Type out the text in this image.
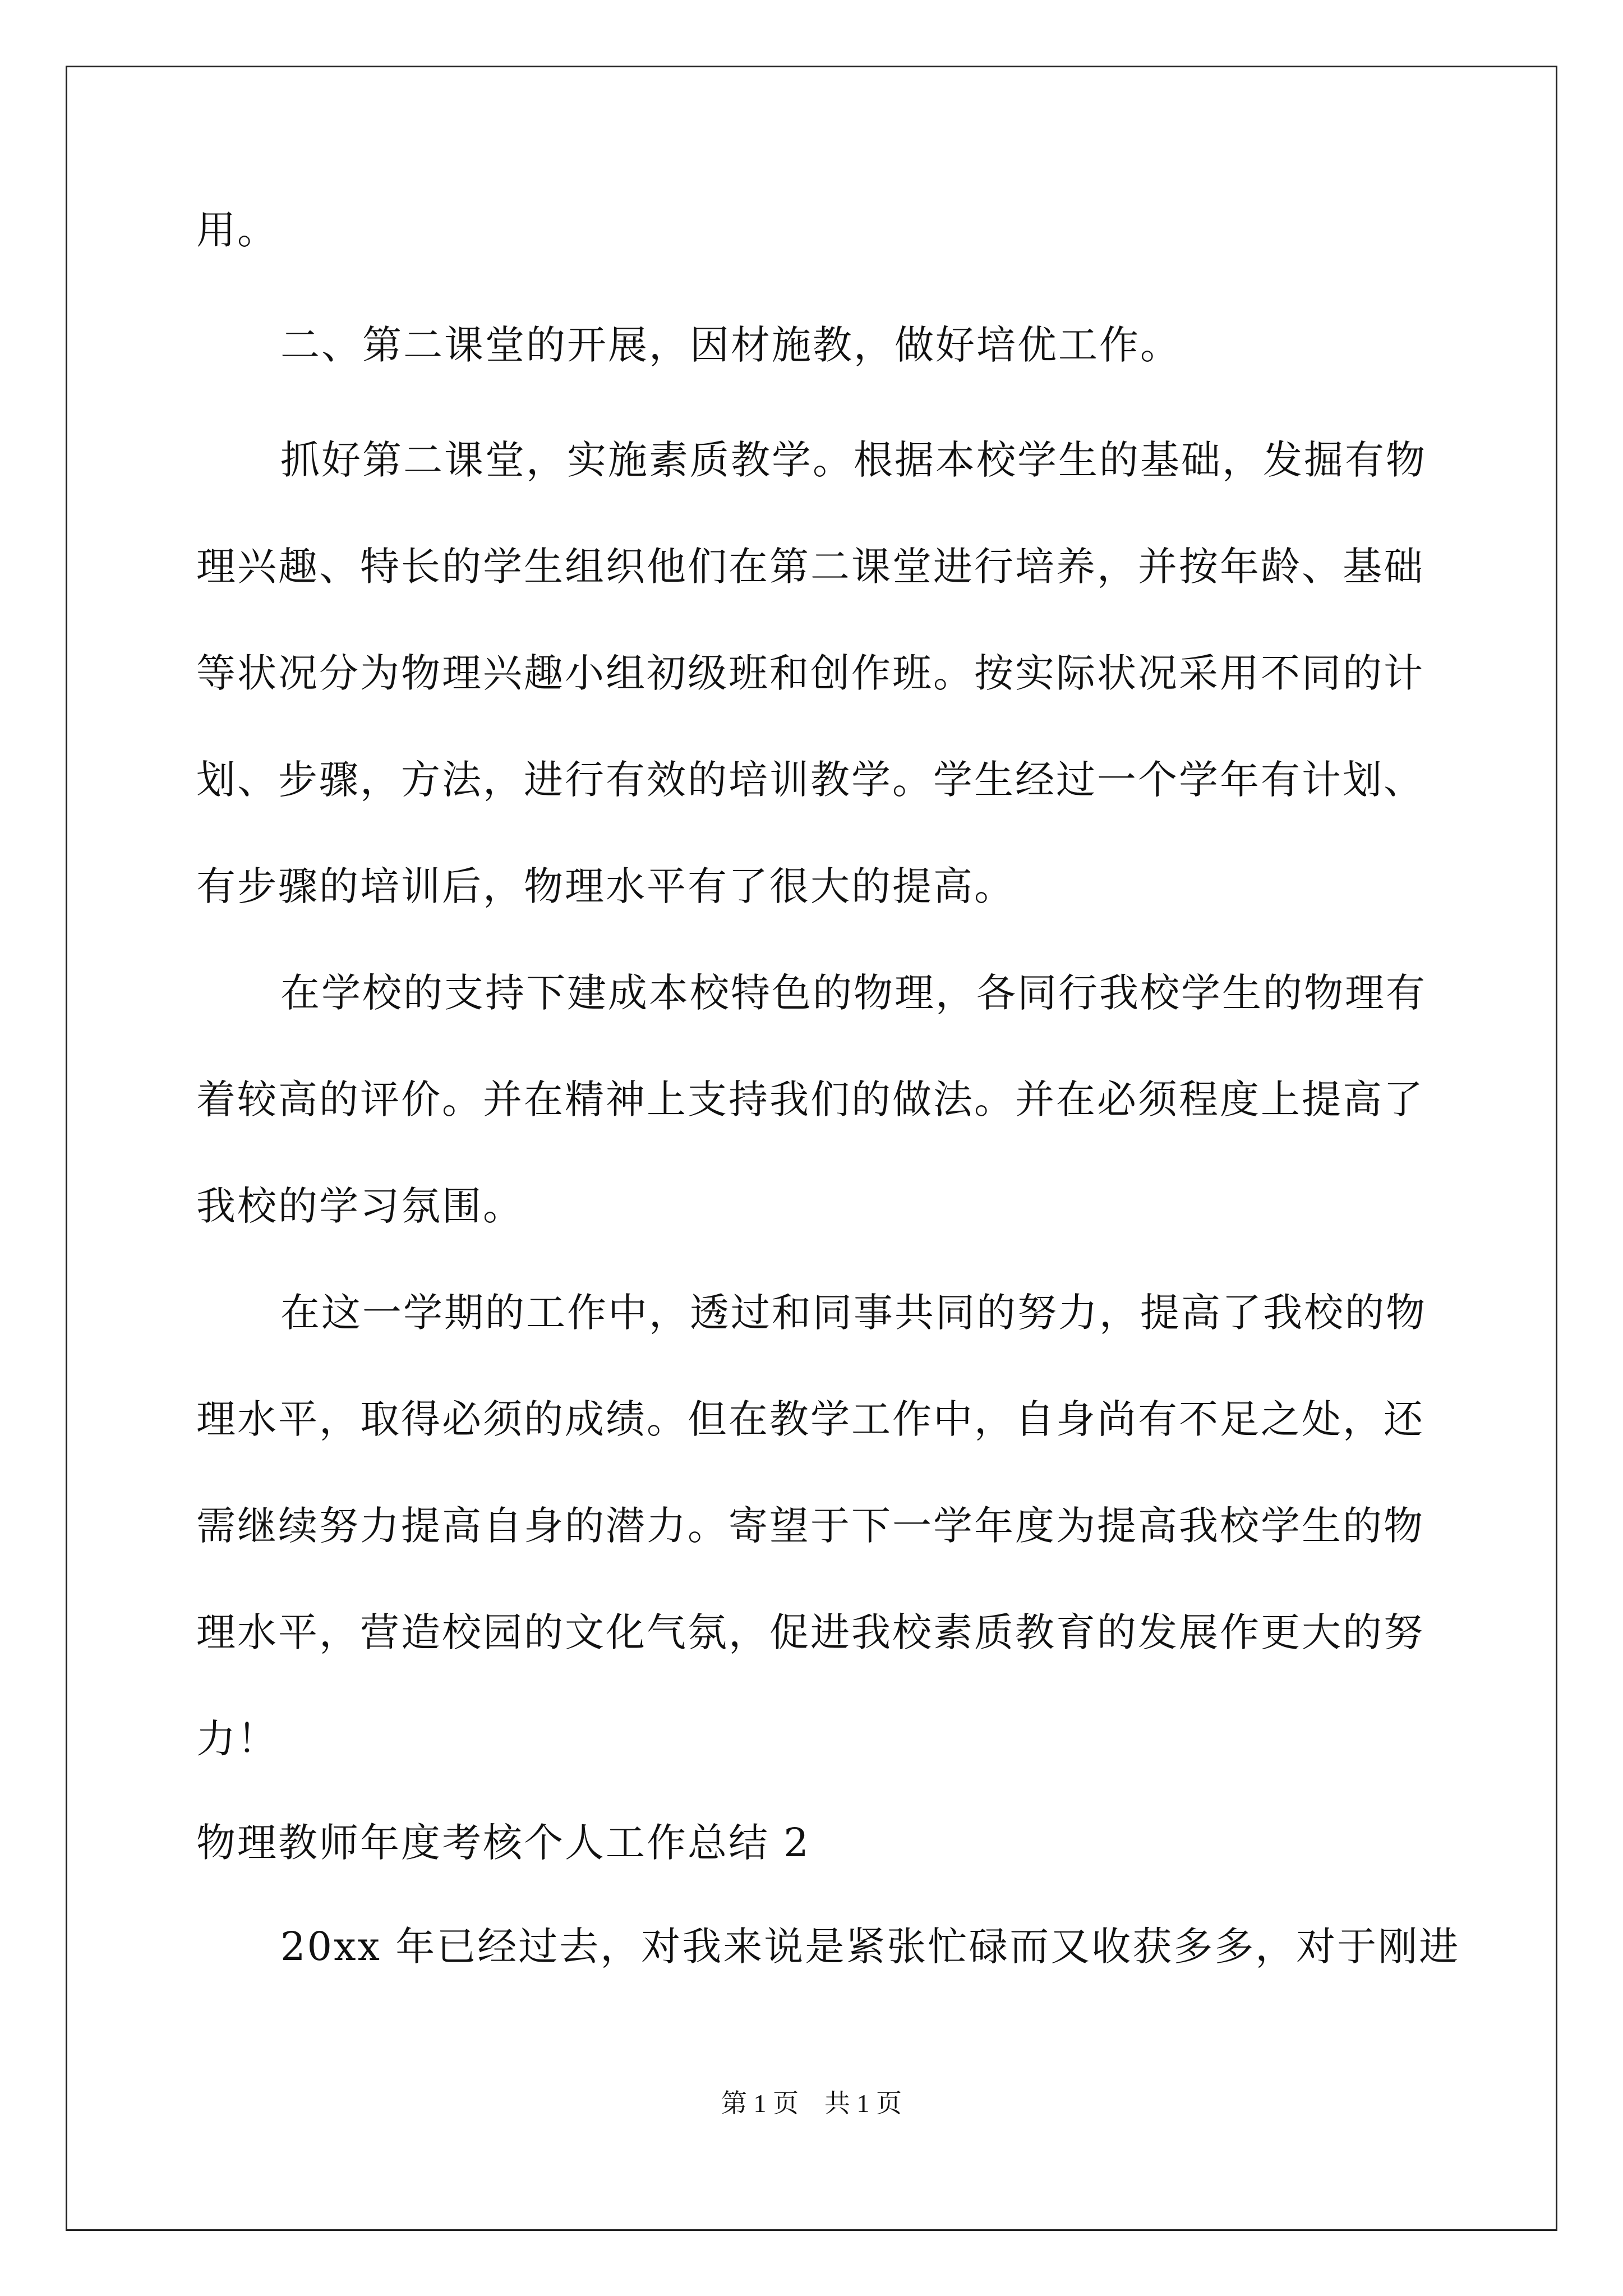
用。
二、第二课堂的开展，因材施教，做好培优工作。
抓好第二课堂，实施素质教学。根据本校学生的基础，发掘有物
理兴趣、特长的学生组织他们在第二课堂进行培养，并按年龄、基础
等状况分为物理兴趣小组初级班和创作班。按实际状况采用不同的计
划、步骤，方法，进行有效的培训教学。学生经过一个学年有计划、
有步骤的培训后，物理水平有了很大的提高。
在学校的支持下建成本校特色的物理，各同行我校学生的物理有
着较高的评价。并在精神上支持我们的做法。并在必须程度上提高了
我校的学习氛围。
在这一学期的工作中，透过和同事共同的努力，提高了我校的物
理水平，取得必须的成绩。但在教学工作中，自身尚有不足之处，还
需继续努力提高自身的潜力。寄望于下一学年度为提高我校学生的物
理水平，营造校园的文化气氛，促进我校素质教育的发展作更大的努
力！
物理教师年度考核个人工作总结 2
20xx 年已经过去，对我来说是紧张忙碌而又收获多多，对于刚进
第 1 页　共 1 页
